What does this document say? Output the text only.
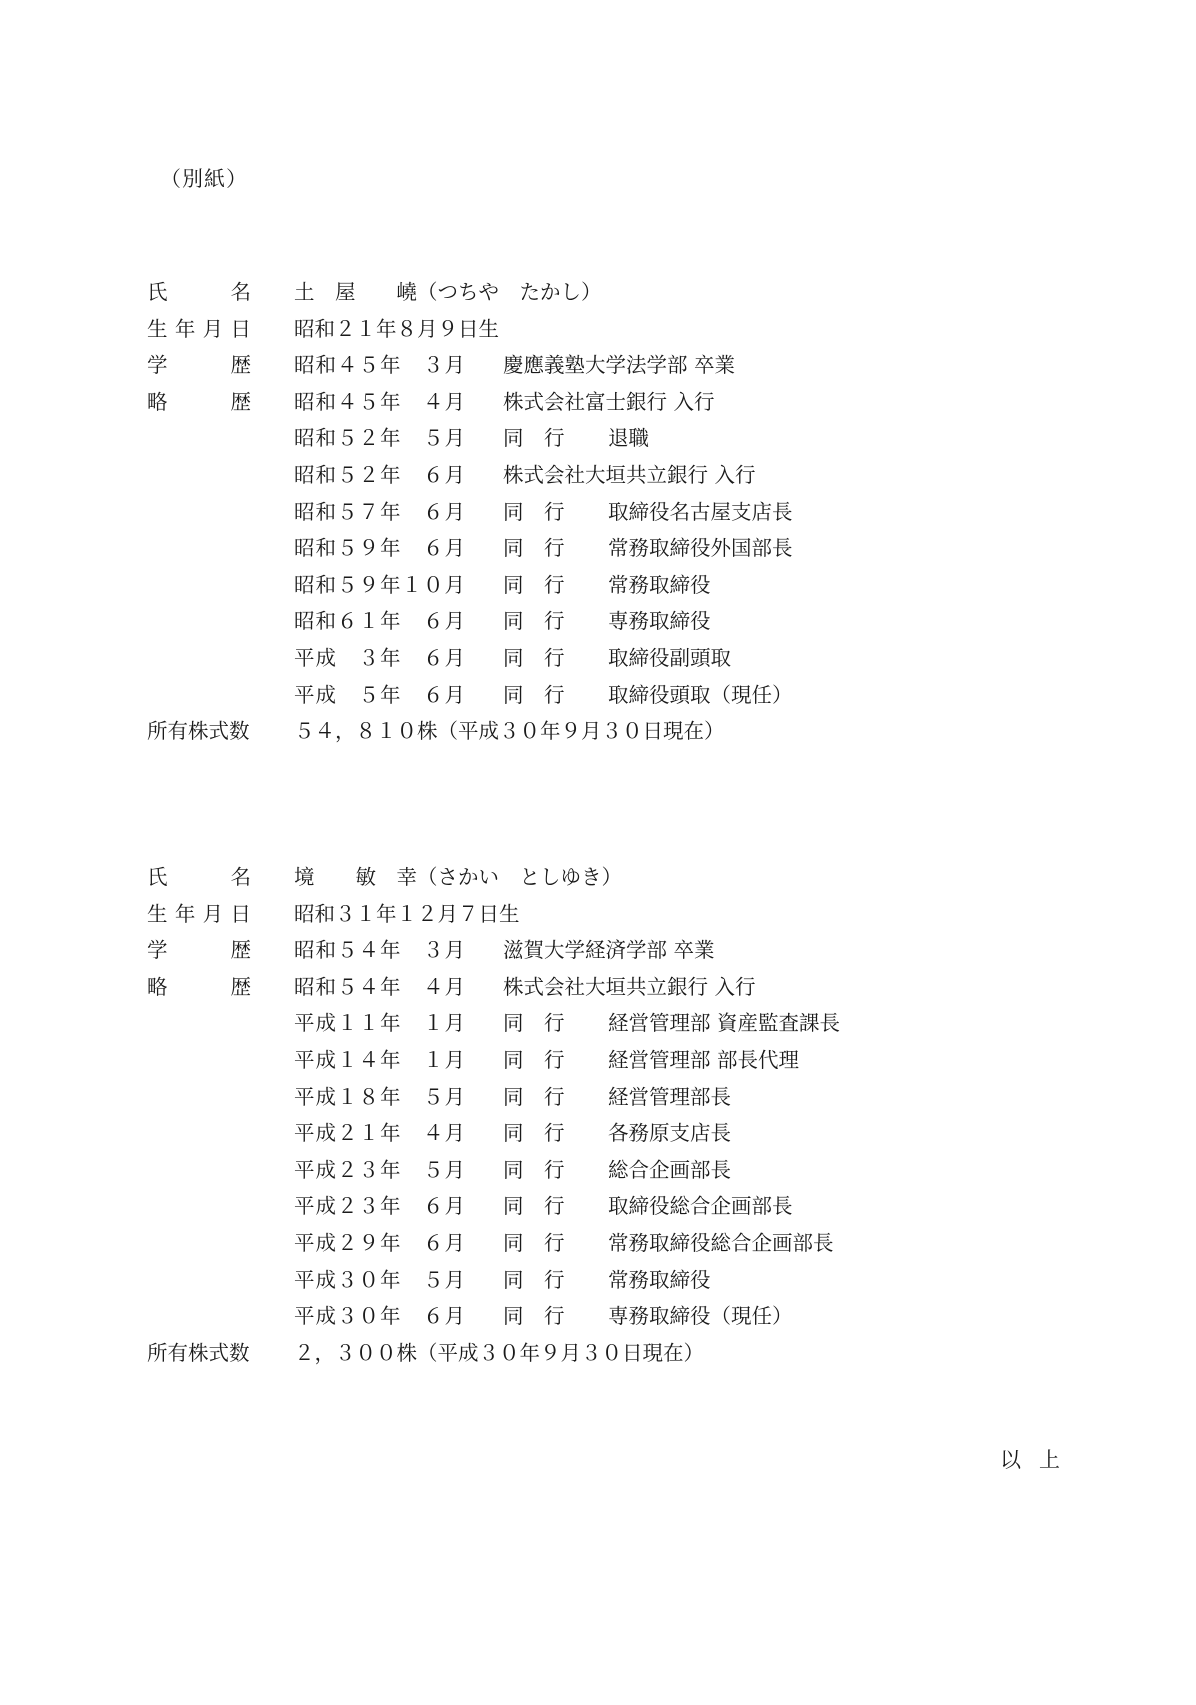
（別紙）
氏	名 土　屋　　嶢（つちや　たかし）
生 年 月 日 昭和２１年８月９日生
学	歴 昭和４５年　３月 慶應義塾大学法学部 卒業
略	歴 昭和４５年　４月 株式会社富士銀行 入行
昭和５２年　５月 同　行 退職
昭和５２年　６月 株式会社大垣共立銀行 入行
昭和５７年　６月 同　行 取締役名古屋支店長
昭和５９年　６月 同　行 常務取締役外国部長
昭和５９年１０月 同　行 常務取締役
昭和６１年　６月 同　行 専務取締役
平成　３年　６月 同　行 取締役副頭取
平成　５年　６月 同　行 取締役頭取（現任）
所有株式数 ５４，８１０株（平成３０年９月３０日現在）
氏	名 境　　敏　幸（さかい　としゆき）
生 年 月 日 昭和３１年１２月７日生
学	歴 昭和５４年　３月 滋賀大学経済学部 卒業
略	歴 昭和５４年　４月 株式会社大垣共立銀行 入行
平成１１年　１月 同　行 経営管理部 資産監査課長
平成１４年　１月 同　行 経営管理部 部長代理
平成１８年　５月 同　行 経営管理部長
平成２１年　４月 同　行 各務原支店長
平成２３年　５月 同　行 総合企画部長
平成２３年　６月 同　行 取締役総合企画部長
平成２９年　６月 同　行 常務取締役総合企画部長
平成３０年　５月 同　行 常務取締役
平成３０年　６月 同　行 専務取締役（現任）
所有株式数 ２，３００株（平成３０年９月３０日現在）
以上
